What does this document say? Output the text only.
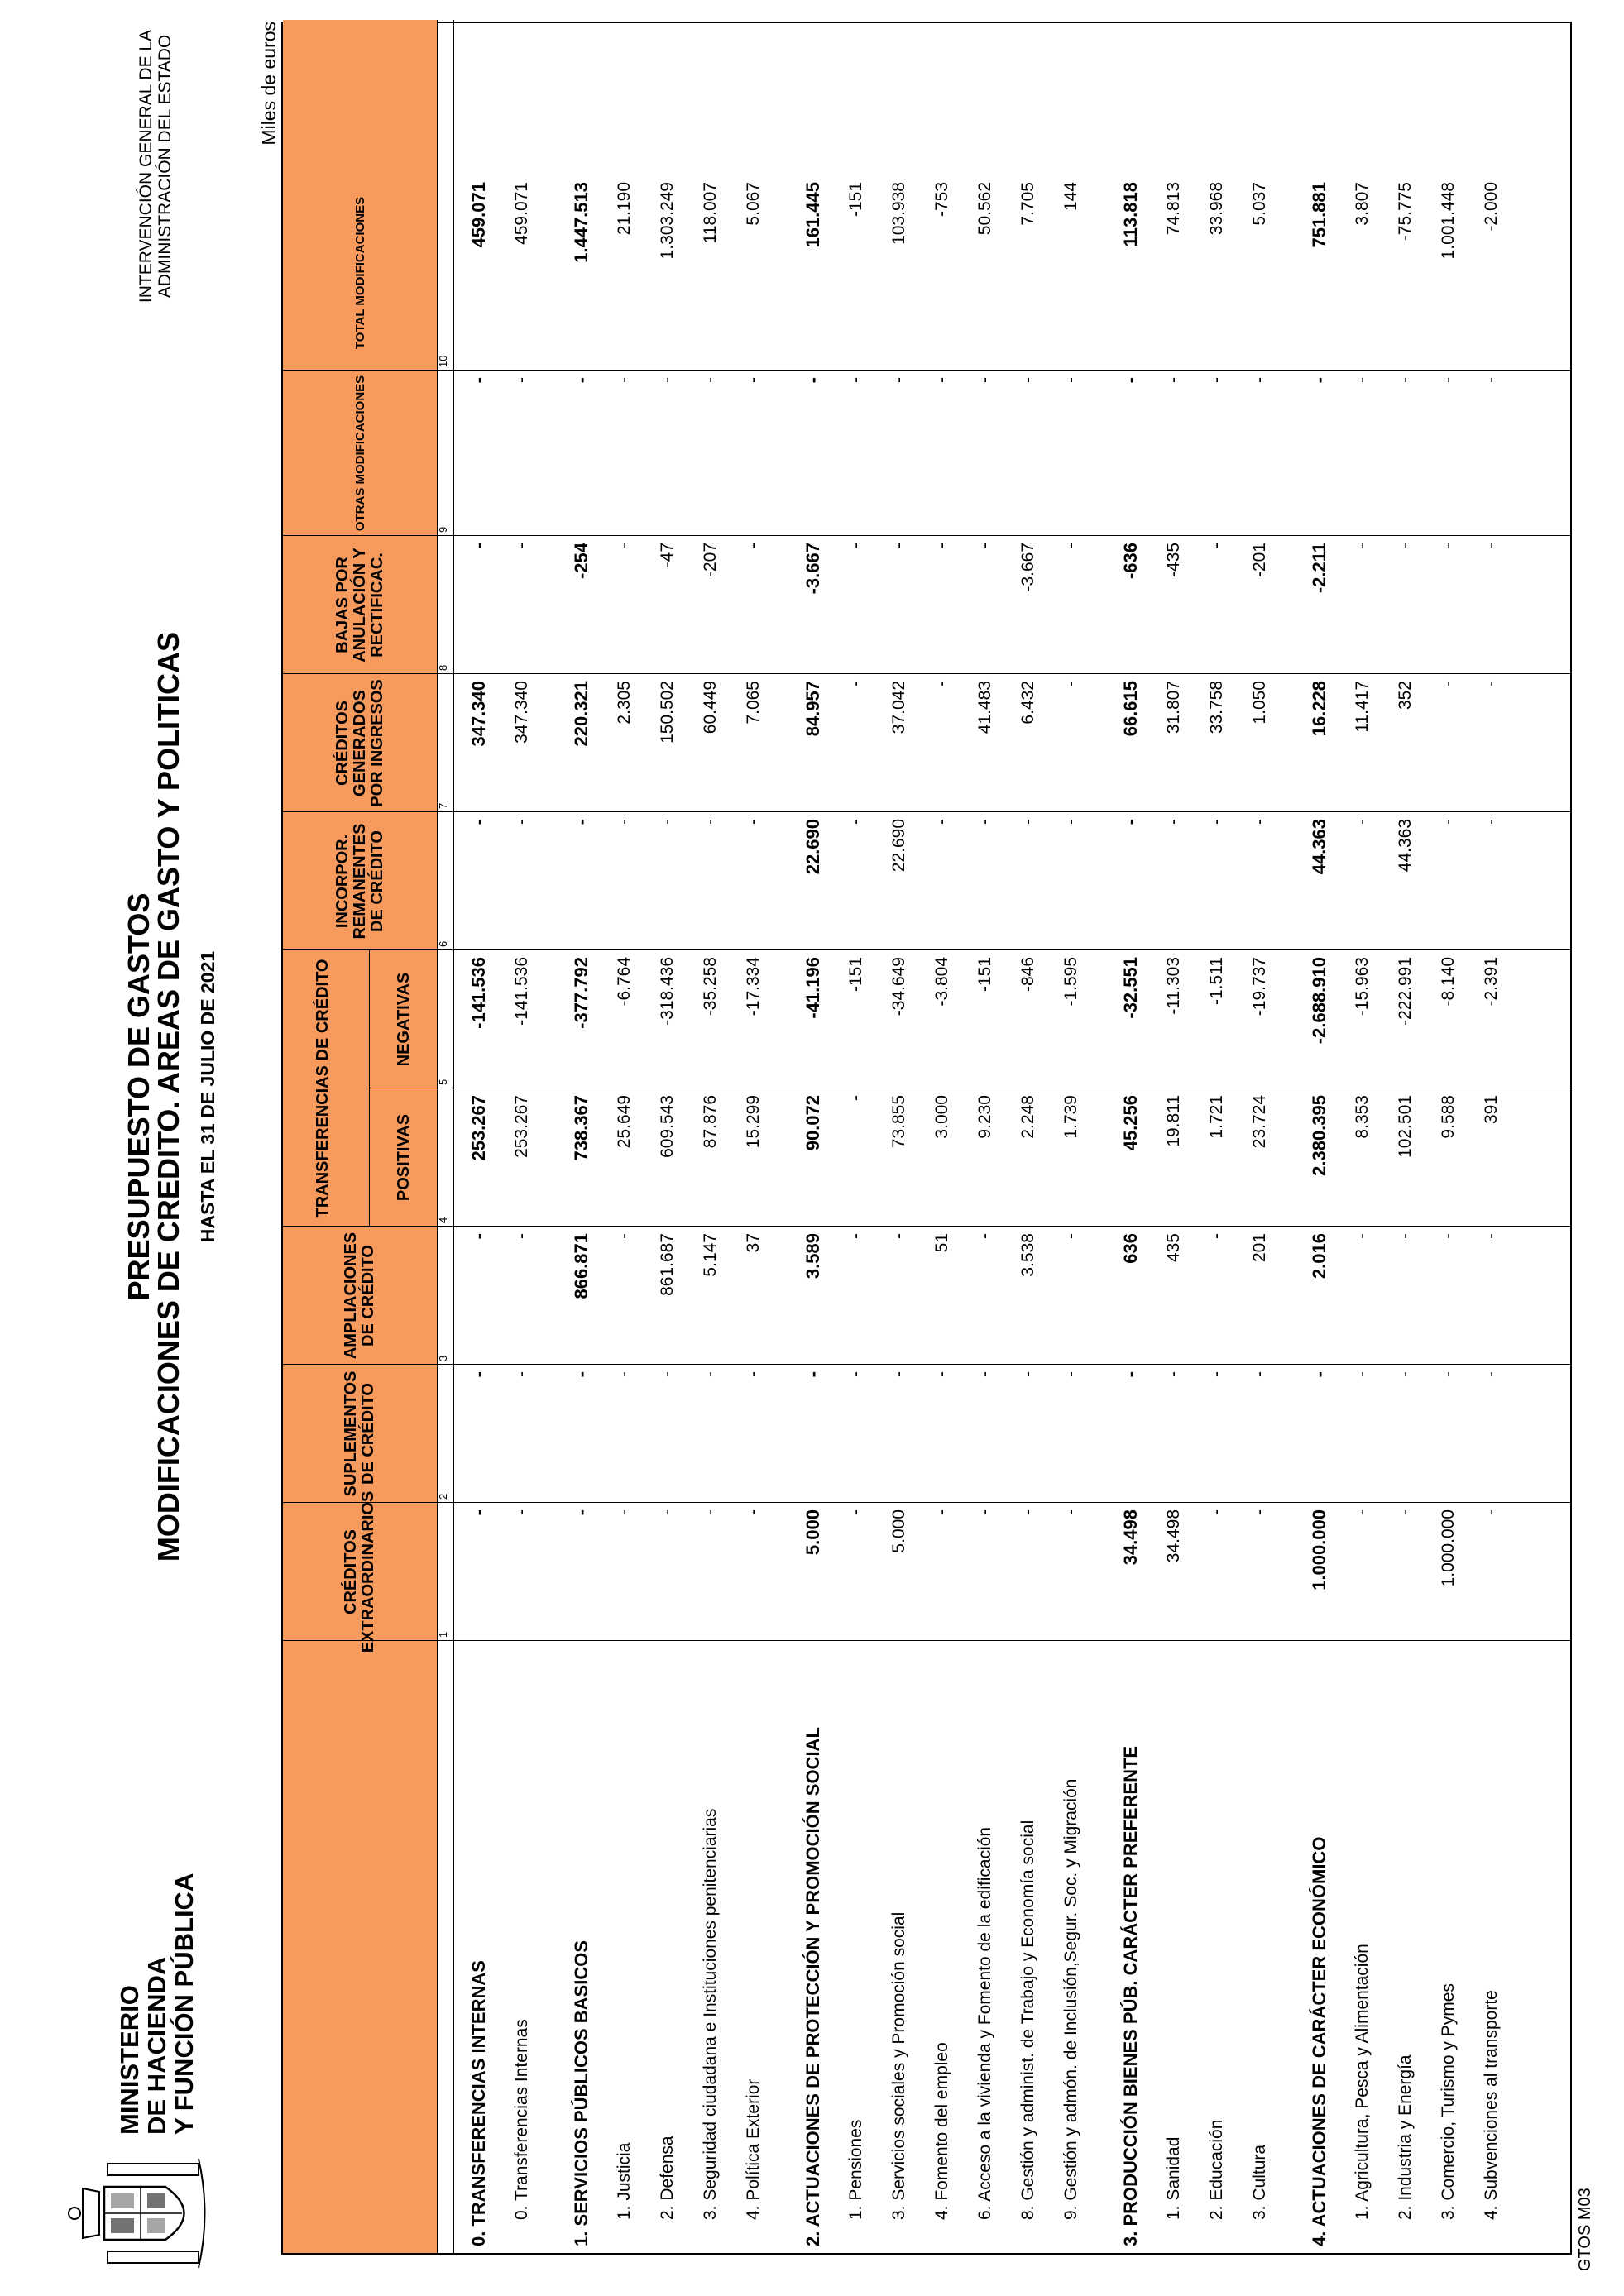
MINISTERIO
DE HACIENDA
Y FUNCIÓN PÚBLICA
PRESUPUESTO DE GASTOS
MODIFICACIONES DE CREDITO. AREAS DE GASTO Y POLITICAS HASTA EL 31 DE JULIO DE 2021
INTERVENCIÓN GENERAL DE LA ADMINISTRACIÓN DEL ESTADO	Miles de euros
CRÉDITOS EXTRAORDINARIOS
SUPLEMENTOS DE CRÉDITO
AMPLIACIONES DE CRÉDITO
INCORPOR. REMANENTES DE CRÉDITO
CRÉDITOS GENERADOS POR INGRESOS
BAJAS POR ANULACIÓN Y RECTIFICAC.
OTRAS MODIFICACIONES
TOTAL MODIFICACIONES
TRANSFERENCIAS DE CRÉDITO	POSITIVAS
NEGATIVAS
1
2
3
4
5
6
7
8
9
10
0. TRANSFERENCIAS INTERNAS
-
-
-
253.267
-141.536
-
347.340
-
-
459.071
0. Transferencias Internas
-
-
-
253.267
-141.536
-
347.340
-
-
459.071
1. SERVICIOS PÚBLICOS BASICOS
-
-
866.871
738.367
-377.792
-
220.321
-254
-
1.447.513
1. Justicia
-
-
-
25.649
-6.764
-
2.305
-
-
21.190
2. Defensa
-
-
861.687
609.543
-318.436
-
150.502
-47
-
1.303.249
3. Seguridad ciudadana e Instituciones penitenciarias
-
-
5.147
87.876
-35.258
-
60.449
-207
-
118.007
4. Política Exterior
-
-
37
15.299
-17.334
-
7.065
-
-
5.067
2. ACTUACIONES DE PROTECCIÓN Y PROMOCIÓN SOCIAL
5.000
-
3.589
90.072
-41.196
22.690
84.957
-3.667
-
161.445
1. Pensiones
-
-
-
-
-151
-
-
-
-
-151
3. Servicios sociales y Promoción social
5.000
-
-
73.855
-34.649
22.690
37.042
-
-
103.938
4. Fomento del empleo
-
-
51
3.000
-3.804
-
-
-
-
-753
6. Acceso a la vivienda y Fomento de la edificación
-
-
-
9.230
-151
-
41.483
-
-
50.562
8. Gestión y administ. de Trabajo y Economía social
-
-
3.538
2.248
-846
-
6.432
-3.667
-
7.705
9. Gestión y admón. de Inclusión,Segur. Soc. y Migración
-
-
-
1.739
-1.595
-
-
-
-
144
3. PRODUCCIÓN BIENES PÚB. CARÁCTER PREFERENTE
34.498
-
636
45.256
-32.551
-
66.615
-636
-
113.818
1. Sanidad
34.498
-
435
19.811
-11.303
-
31.807
-435
-
74.813
2. Educación
-
-
-
1.721
-1.511
-
33.758
-
-
33.968
3. Cultura
-
-
201
23.724
-19.737
-
1.050
-201
-
5.037
4. ACTUACIONES DE CARÁCTER ECONÓMICO
1.000.000
-
2.016
2.380.395
-2.688.910
44.363
16.228
-2.211
-
751.881
1. Agricultura, Pesca y Alimentación
-
-
-
8.353
-15.963
-
11.417
-
-
3.807
2. Industria y Energía
-
-
-
102.501
-222.991
44.363
352
-
-
-75.775
3. Comercio, Turismo y Pymes
1.000.000
-
-
9.588
-8.140
-
-
-
-
1.001.448
4. Subvenciones al transporte
-
-
-
391
-2.391
-
-
-
-
-2.000
GTOS M03
